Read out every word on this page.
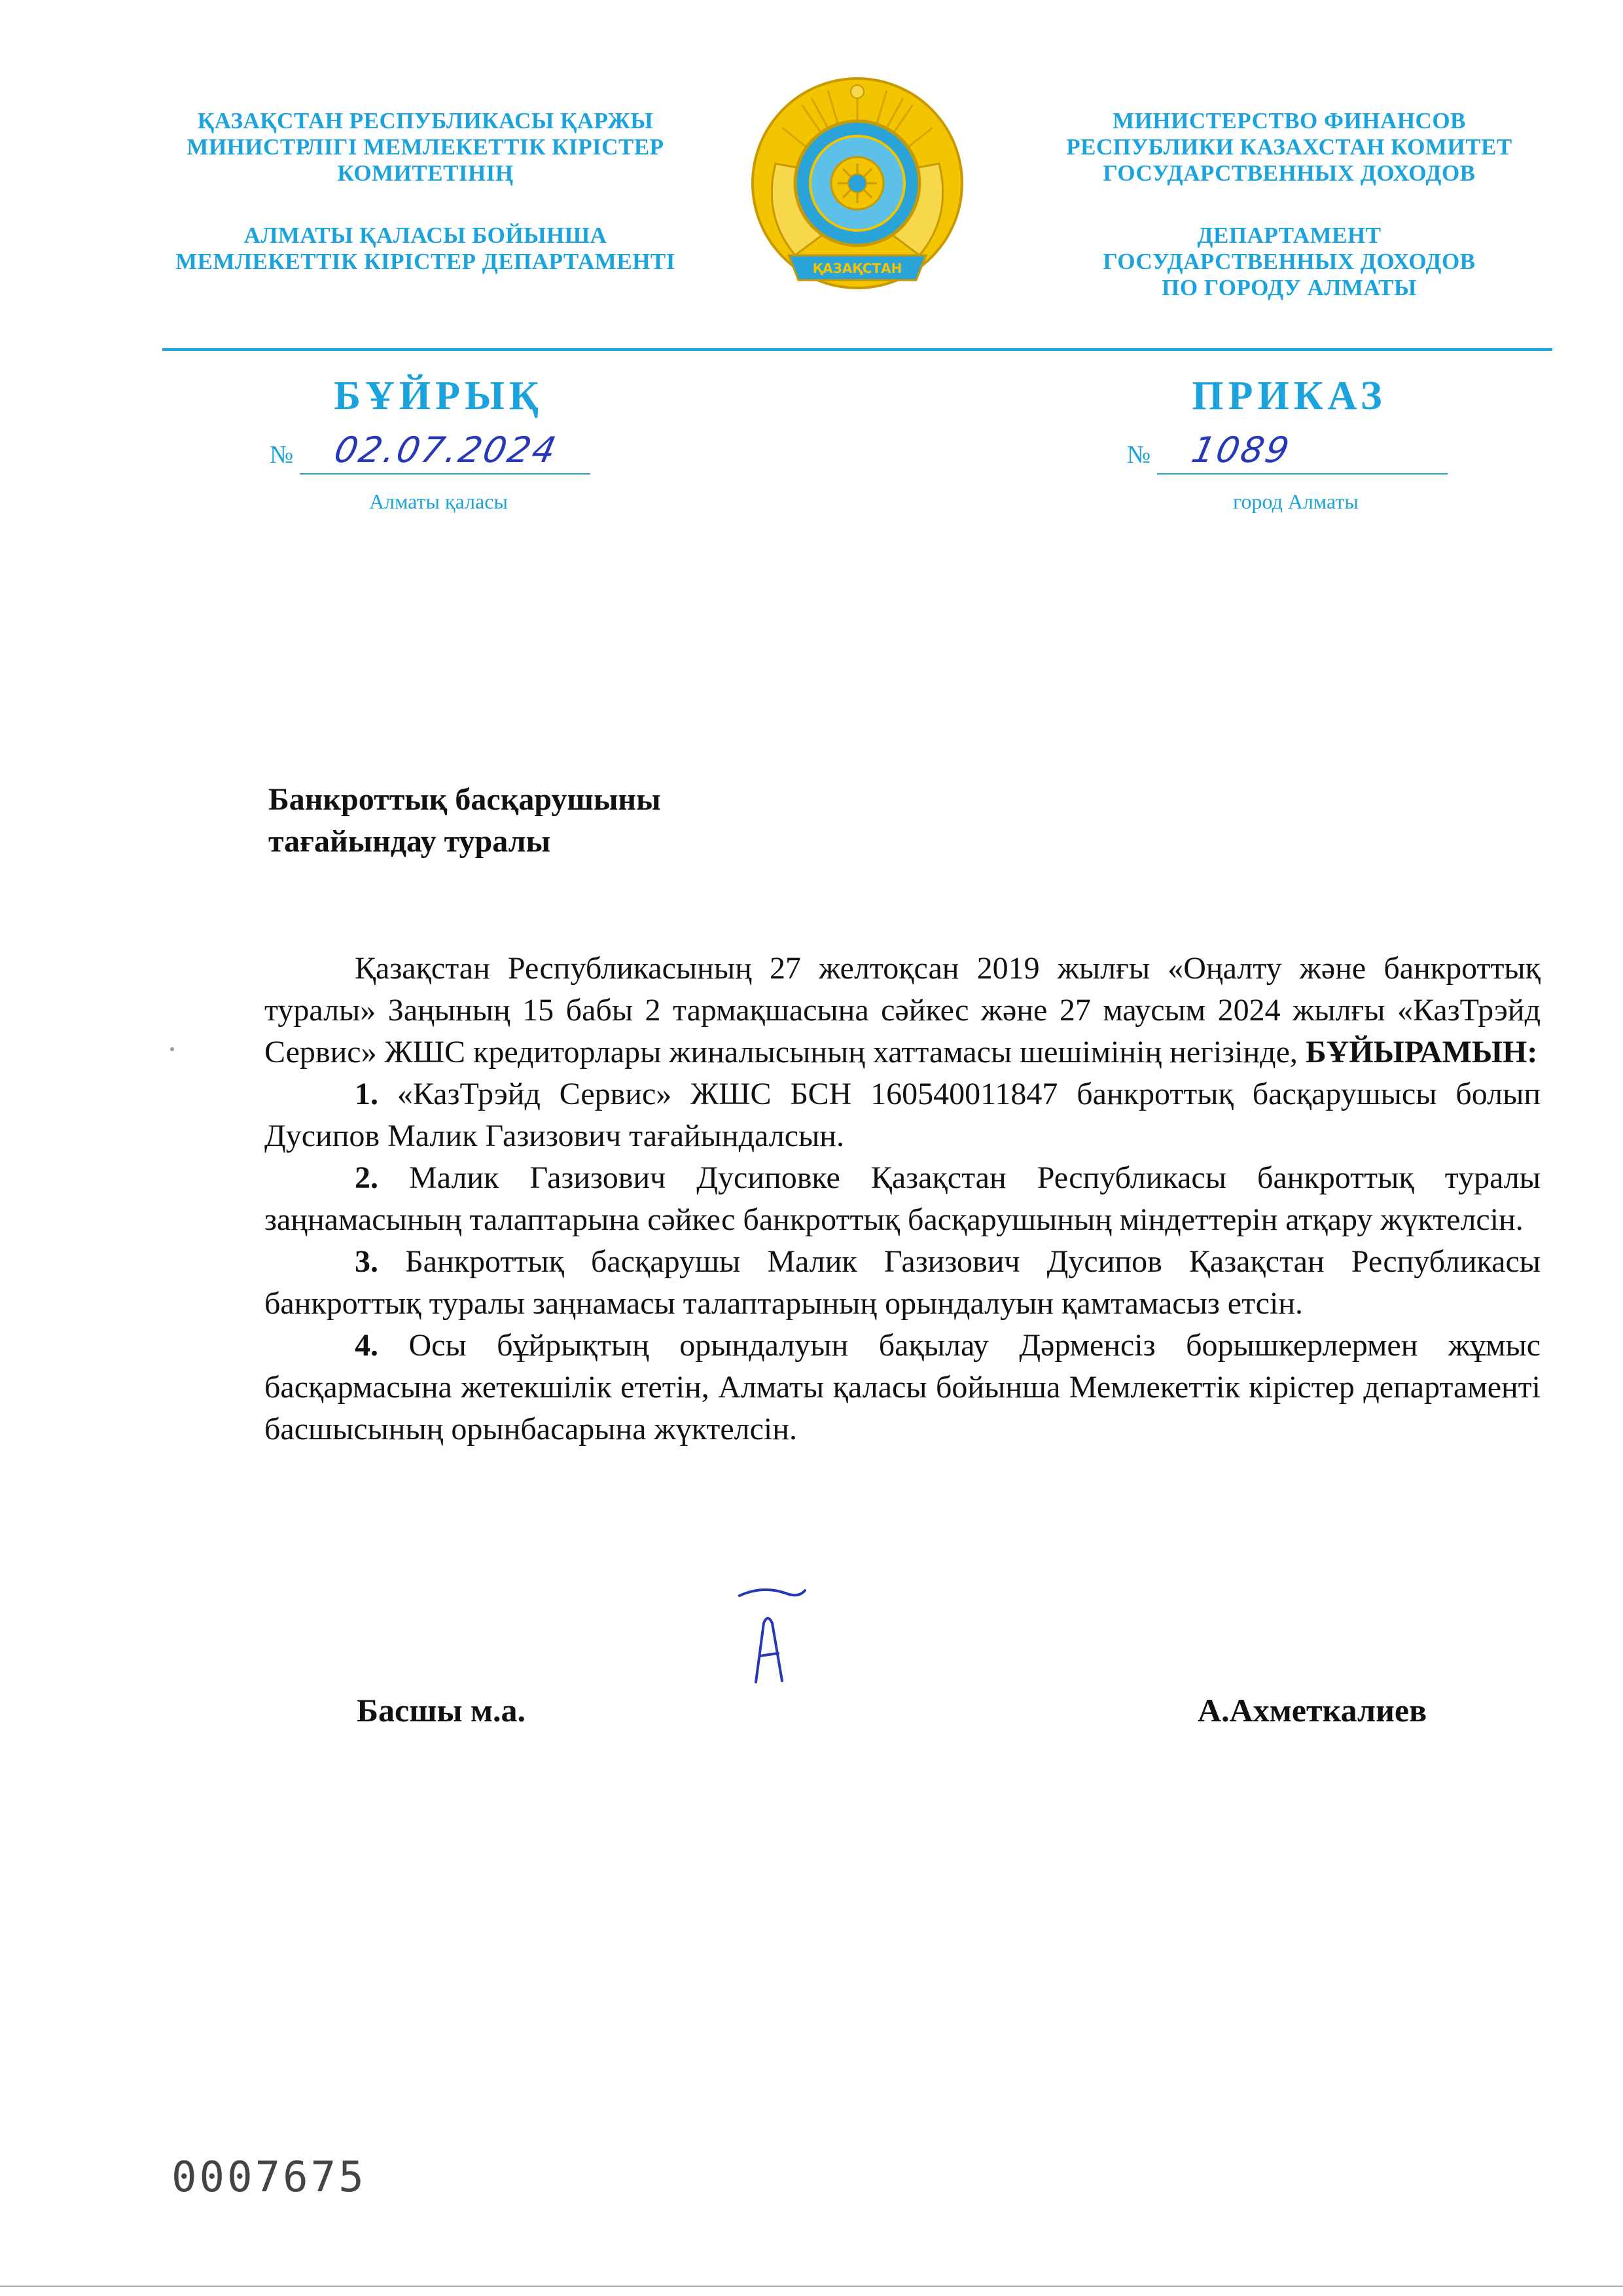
ҚАЗАҚСТАН РЕСПУБЛИКАСЫ ҚАРЖЫ
МИНИСТРЛІГІ МЕМЛЕКЕТТІК КІРІСТЕР
КОМИТЕТІНІҢ
АЛМАТЫ ҚАЛАСЫ БОЙЫНША
МЕМЛЕКЕТТІК КІРІСТЕР ДЕПАРТАМЕНТІ	ҚАЗАҚСТАН
МИНИСТЕРСТВО ФИНАНСОВ
РЕСПУБЛИКИ КАЗАХСТАН КОМИТЕТ
ГОСУДАРСТВЕННЫХ ДОХОДОВ
ДЕПАРТАМЕНТ
ГОСУДАРСТВЕННЫХ ДОХОДОВ
ПО ГОРОДУ АЛМАТЫ
БҰЙРЫҚ	ПРИКАЗ
№ 02.07.2024	№ 1089
Алматы қаласы	город Алматы
Банкроттық басқарушыны
тағайындау туралы

Қазақстан Республикасының 27 желтоқсан 2019 жылғы «Оңалту және банкроттық туралы» Заңының 15 бабы 2 тармақшасына сәйкес және 27 маусым 2024 жылғы «КазТрэйд Сервис» ЖШС кредиторлары жиналысының хаттамасы шешімінің негізінде, БҰЙЫРАМЫН:

1. «КазТрэйд Сервис» ЖШС БСН 160540011847 банкроттық басқарушысы болып Дусипов Малик Газизович тағайындалсын.

2. Малик Газизович Дусиповке Қазақстан Республикасы банкроттық туралы заңнамасының талаптарына сәйкес банкроттық басқарушының міндеттерін атқару жүктелсін.

3. Банкроттық басқарушы Малик Газизович Дусипов Қазақстан Республикасы банкроттық туралы заңнамасы талаптарының орындалуын қамтамасыз етсін.

4. Осы бұйрықтың орындалуын бақылау Дәрменсіз борышкерлермен жұмыс басқармасына жетекшілік ететін, Алматы қаласы бойынша Мемлекеттік кірістер департаменті басшысының орынбасарына жүктелсін.

Басшы м.а.	А.Ахметкалиев
0007675
